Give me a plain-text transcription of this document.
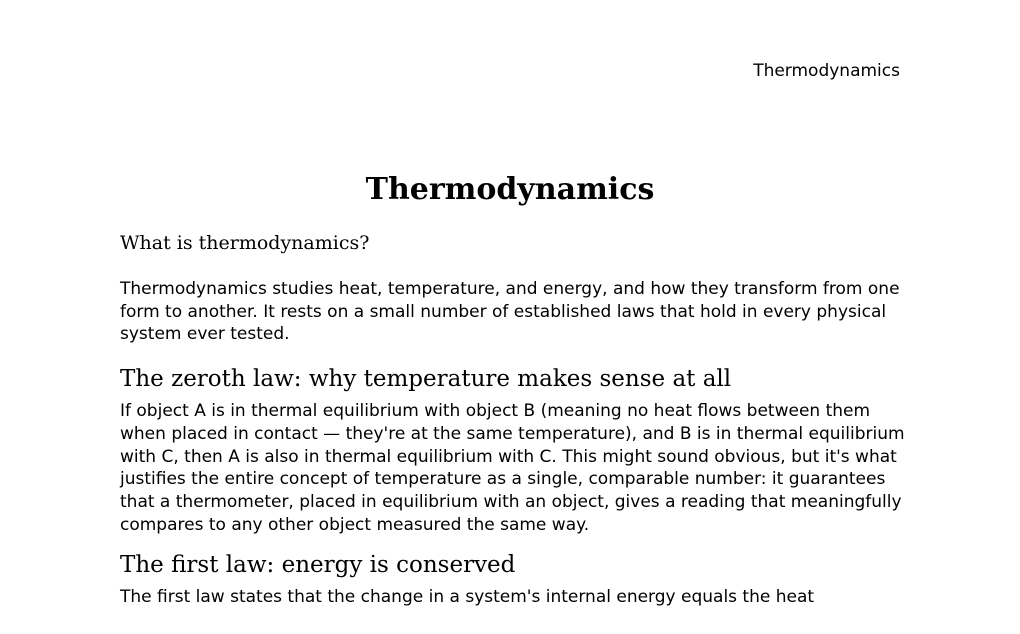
Thermodynamics
Thermodynamics
What is thermodynamics?

Thermodynamics studies heat, temperature, and energy, and how they transform from one form to another. It rests on a small number of established laws that hold in every physical system ever tested.

The zeroth law: why temperature makes sense at all

If object A is in thermal equilibrium with object B (meaning no heat flows between them when placed in contact — they're at the same temperature), and B is in thermal equilibrium with C, then A is also in thermal equilibrium with C. This might sound obvious, but it's what justifies the entire concept of temperature as a single, comparable number: it guarantees that a thermometer, placed in equilibrium with an object, gives a reading that meaningfully compares to any other object measured the same way.

The first law: energy is conserved

The first law states that the change in a system's internal energy equals the heat
